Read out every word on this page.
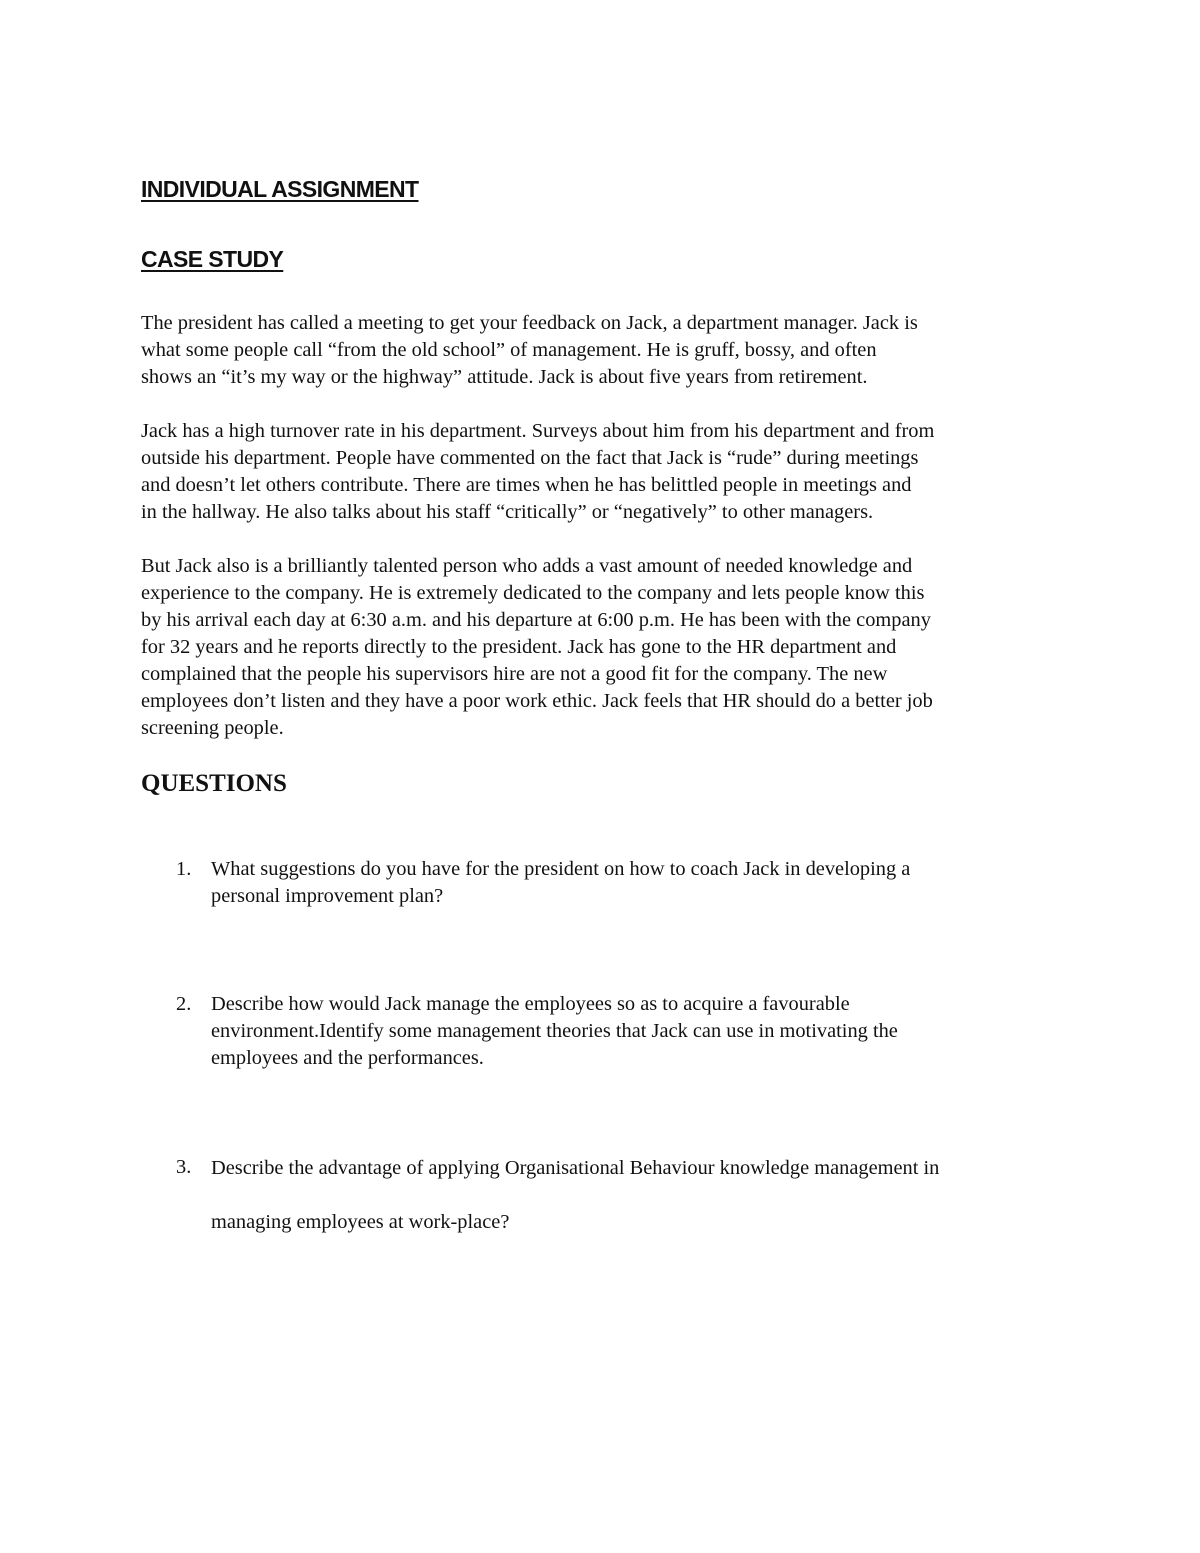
INDIVIDUAL ASSIGNMENT
CASE STUDY

The president has called a meeting to get your feedback on Jack, a department manager. Jack is
what some people call “from the old school” of management. He is gruff, bossy, and often
shows an “it’s my way or the highway” attitude. Jack is about five years from retirement.

Jack has a high turnover rate in his department. Surveys about him from his department and from
outside his department. People have commented on the fact that Jack is “rude” during meetings
and doesn’t let others contribute. There are times when he has belittled people in meetings and
in the hallway. He also talks about his staff “critically” or “negatively” to other managers.

But Jack also is a brilliantly talented person who adds a vast amount of needed knowledge and
experience to the company. He is extremely dedicated to the company and lets people know this
by his arrival each day at 6:30 a.m. and his departure at 6:00 p.m. He has been with the company
for 32 years and he reports directly to the president. Jack has gone to the HR department and
complained that the people his supervisors hire are not a good fit for the company. The new
employees don’t listen and they have a poor work ethic. Jack feels that HR should do a better job
screening people.

QUESTIONS
1. What suggestions do you have for the president on how to coach Jack in developing a
personal improvement plan?
2. Describe how would Jack manage the employees so as to acquire a favourable
environment.Identify some management theories that Jack can use in motivating the
employees and the performances.
3. Describe the advantage of applying Organisational Behaviour knowledge management in
managing employees at work-place?
